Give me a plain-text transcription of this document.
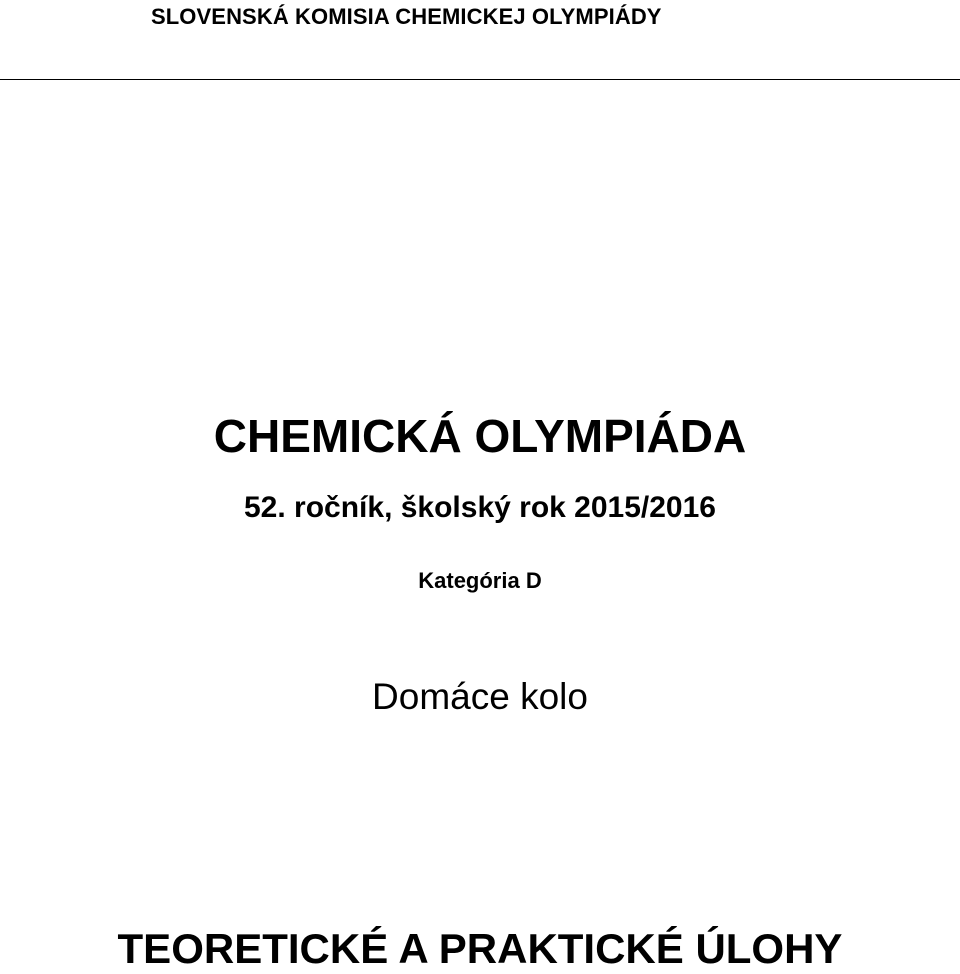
SLOVENSKÁ KOMISIA CHEMICKEJ OLYMPIÁDY
CHEMICKÁ OLYMPIÁDA
52. ročník, školský rok 2015/2016
Kategória D
Domáce kolo
TEORETICKÉ A PRAKTICKÉ ÚLOHY
